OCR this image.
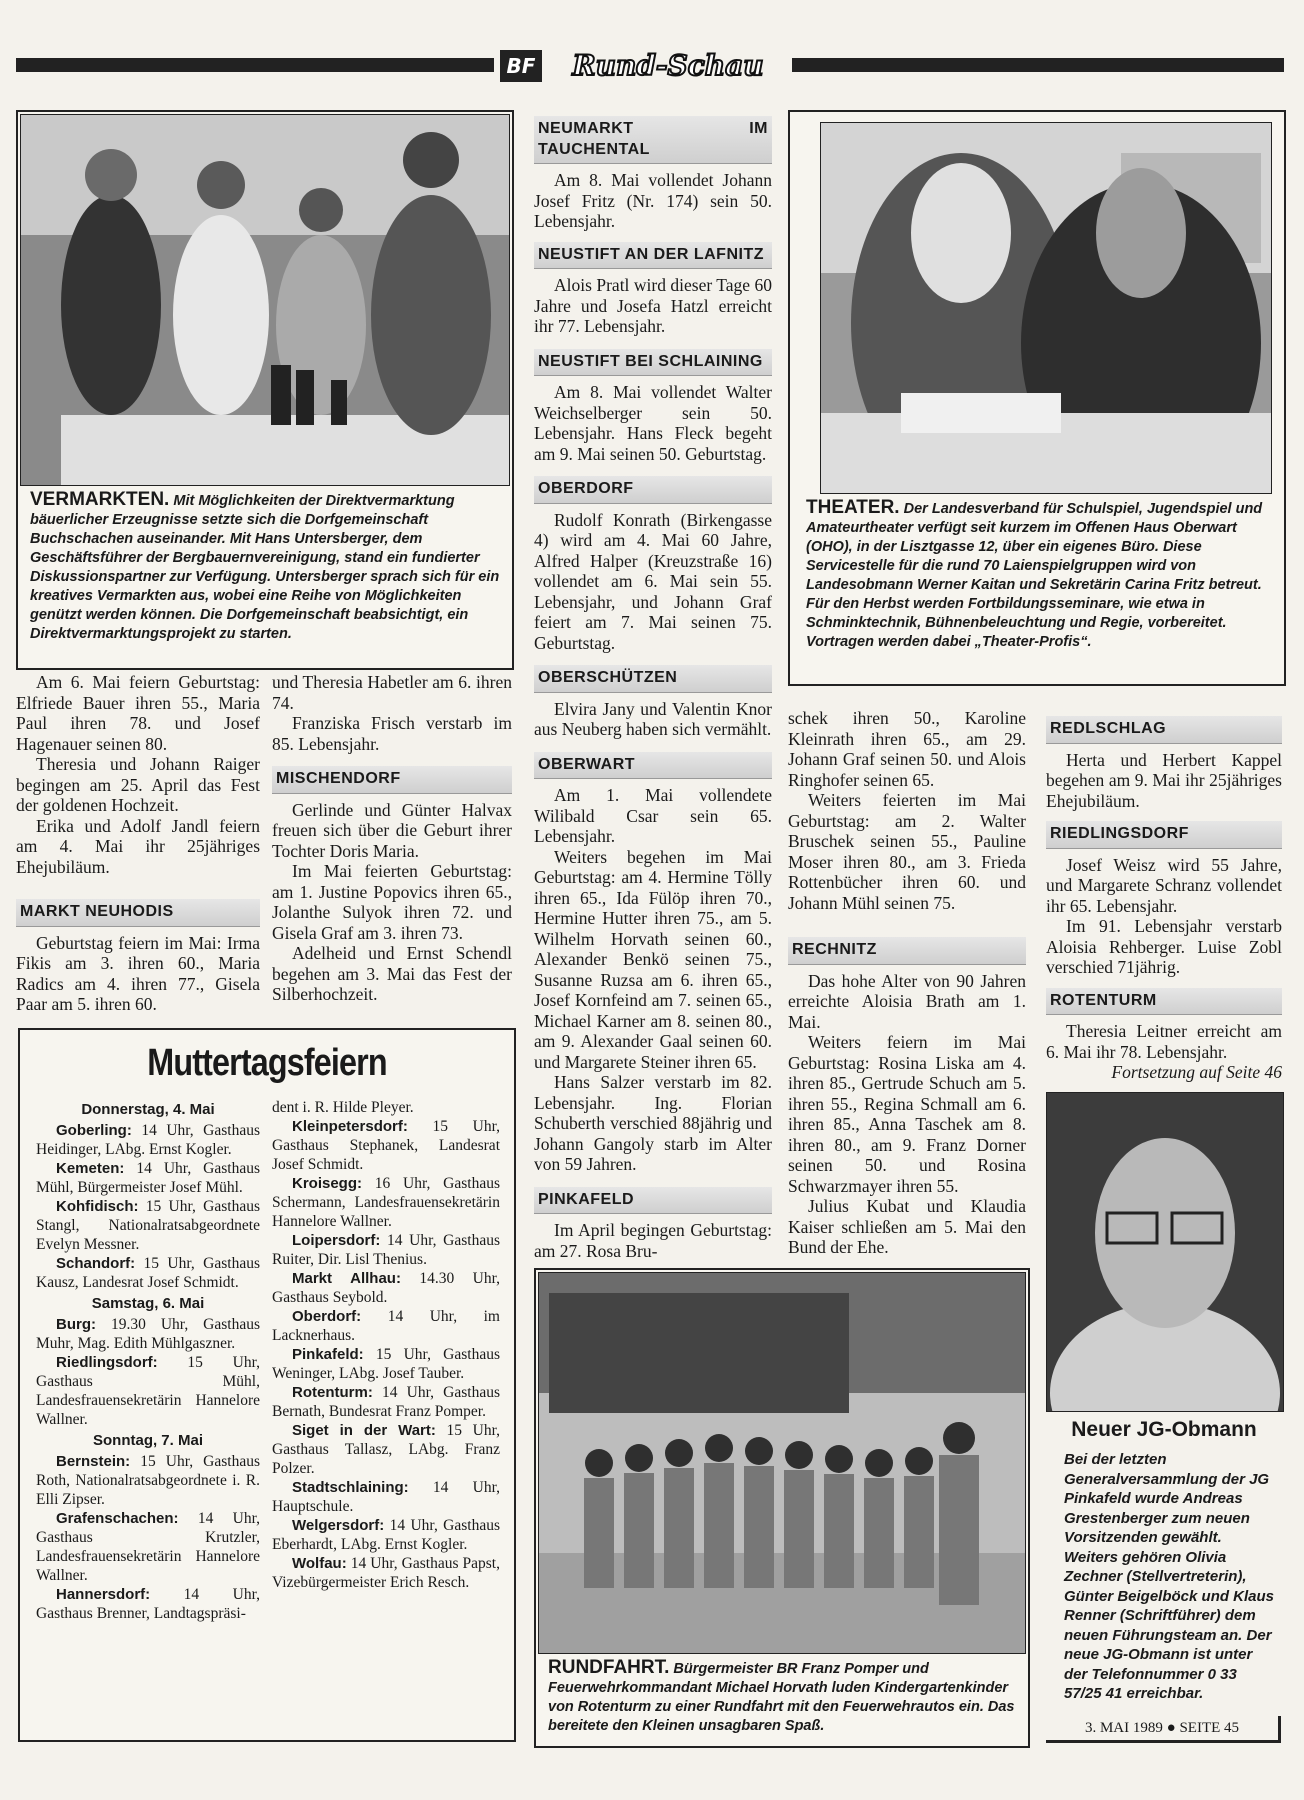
BF	Rund-Schau
VERMARKTEN. Mit Möglichkeiten der Direktvermarktung bäuerlicher Erzeugnisse setzte sich die Dorfgemeinschaft Buchschachen auseinander. Mit Hans Untersberger, dem Geschäftsführer der Bergbauernvereinigung, stand ein fundierter Diskussionspartner zur Verfügung. Untersberger sprach sich für ein kreatives Vermarkten aus, wobei eine Reihe von Möglichkeiten genützt werden können. Die Dorfgemeinschaft beabsichtigt, ein Direktvermarktungsprojekt zu starten.

Am 6. Mai feiern Geburtstag: Elfriede Bauer ihren 55., Maria Paul ihren 78. und Josef Hagenauer seinen 80.

Theresia und Johann Raiger begingen am 25. April das Fest der goldenen Hochzeit.

Erika und Adolf Jandl feiern am 4. Mai ihr 25jähriges Ehejubiläum.

MARKT NEUHODIS

Geburtstag feiern im Mai: Irma Fikis am 3. ihren 60., Maria Radics am 4. ihren 77., Gisela Paar am 5. ihren 60.

und Theresia Habetler am 6. ihren 74.

Franziska Frisch verstarb im 85. Lebensjahr.

MISCHENDORF

Gerlinde und Günter Halvax freuen sich über die Geburt ihrer Tochter Doris Maria.

Im Mai feierten Geburtstag: am 1. Justine Popovics ihren 65., Jolanthe Sulyok ihren 72. und Gisela Graf am 3. ihren 73.

Adelheid und Ernst Schendl begehen am 3. Mai das Fest der Silberhochzeit.

Muttertagsfeiern
Donnerstag, 4. Mai

Goberling: 14 Uhr, Gasthaus Heidinger, LAbg. Ernst Kogler.

Kemeten: 14 Uhr, Gasthaus Mühl, Bürgermeister Josef Mühl.

Kohfidisch: 15 Uhr, Gasthaus Stangl, Nationalratsabgeordnete Evelyn Messner.

Schandorf: 15 Uhr, Gasthaus Kausz, Landesrat Josef Schmidt.

Samstag, 6. Mai

Burg: 19.30 Uhr, Gasthaus Muhr, Mag. Edith Mühlgaszner.

Riedlingsdorf: 15 Uhr, Gasthaus Mühl, Landesfrauensekretärin Hannelore Wallner.

Sonntag, 7. Mai

Bernstein: 15 Uhr, Gasthaus Roth, Nationalratsabgeordnete i. R. Elli Zipser.

Grafenschachen: 14 Uhr, Gasthaus Krutzler, Landesfrauensekretärin Hannelore Wallner.

Hannersdorf: 14 Uhr, Gasthaus Brenner, Landtagspräsi-

dent i. R. Hilde Pleyer.

Kleinpetersdorf: 15 Uhr, Gasthaus Stephanek, Landesrat Josef Schmidt.

Kroisegg: 16 Uhr, Gasthaus Schermann, Landesfrauensekretärin Hannelore Wallner.

Loipersdorf: 14 Uhr, Gasthaus Ruiter, Dir. Lisl Thenius.

Markt Allhau: 14.30 Uhr, Gasthaus Seybold.

Oberdorf: 14 Uhr, im Lacknerhaus.

Pinkafeld: 15 Uhr, Gasthaus Weninger, LAbg. Josef Tauber.

Rotenturm: 14 Uhr, Gasthaus Bernath, Bundesrat Franz Pomper.

Siget in der Wart: 15 Uhr, Gasthaus Tallasz, LAbg. Franz Polzer.

Stadtschlaining: 14 Uhr, Hauptschule.

Welgersdorf: 14 Uhr, Gasthaus Eberhardt, LAbg. Ernst Kogler.

Wolfau: 14 Uhr, Gasthaus Papst, Vizebürgermeister Erich Resch.

NEUMARKT IM TAUCHENTAL

Am 8. Mai vollendet Johann Josef Fritz (Nr. 174) sein 50. Lebensjahr.

NEUSTIFT AN DER LAFNITZ

Alois Pratl wird dieser Tage 60 Jahre und Josefa Hatzl erreicht ihr 77. Lebensjahr.

NEUSTIFT BEI SCHLAINING

Am 8. Mai vollendet Walter Weichselberger sein 50. Lebensjahr. Hans Fleck begeht am 9. Mai seinen 50. Geburtstag.

OBERDORF

Rudolf Konrath (Birkengasse 4) wird am 4. Mai 60 Jahre, Alfred Halper (Kreuzstraße 16) vollendet am 6. Mai sein 55. Lebensjahr, und Johann Graf feiert am 7. Mai seinen 75. Geburtstag.

OBERSCHÜTZEN

Elvira Jany und Valentin Knor aus Neuberg haben sich vermählt.

OBERWART

Am 1. Mai vollendete Wilibald Csar sein 65. Lebensjahr.

Weiters begehen im Mai Geburtstag: am 4. Hermine Tölly ihren 65., Ida Fülöp ihren 70., Hermine Hutter ihren 75., am 5. Wilhelm Horvath seinen 60., Alexander Benkö seinen 75., Susanne Ruzsa am 6. ihren 65., Josef Kornfeind am 7. seinen 65., Michael Karner am 8. seinen 80., am 9. Alexander Gaal seinen 60. und Margarete Steiner ihren 65.

Hans Salzer verstarb im 82. Lebensjahr. Ing. Florian Schuberth verschied 88jährig und Johann Gangoly starb im Alter von 59 Jahren.

PINKAFELD

Im April begingen Geburtstag: am 27. Rosa Bru-

THEATER. Der Landesverband für Schulspiel, Jugendspiel und Amateurtheater verfügt seit kurzem im Offenen Haus Oberwart (OHO), in der Lisztgasse 12, über ein eigenes Büro. Diese Servicestelle für die rund 70 Laienspielgruppen wird von Landesobmann Werner Kaitan und Sekretärin Carina Fritz betreut. Für den Herbst werden Fortbildungsseminare, wie etwa in Schminktechnik, Bühnenbeleuchtung und Regie, vorbereitet. Vortragen werden dabei „Theater-Profis“.

schek ihren 50., Karoline Kleinrath ihren 65., am 29. Johann Graf seinen 50. und Alois Ringhofer seinen 65.

Weiters feierten im Mai Geburtstag: am 2. Walter Bruschek seinen 55., Pauline Moser ihren 80., am 3. Frieda Rottenbücher ihren 60. und Johann Mühl seinen 75.

RECHNITZ

Das hohe Alter von 90 Jahren erreichte Aloisia Brath am 1. Mai.

Weiters feiern im Mai Geburtstag: Rosina Liska am 4. ihren 85., Gertrude Schuch am 5. ihren 55., Regina Schmall am 6. ihren 85., Anna Taschek am 8. ihren 80., am 9. Franz Dorner seinen 50. und Rosina Schwarzmayer ihren 55.

Julius Kubat und Klaudia Kaiser schließen am 5. Mai den Bund der Ehe.

REDLSCHLAG

Herta und Herbert Kappel begehen am 9. Mai ihr 25jähriges Ehejubiläum.

RIEDLINGSDORF

Josef Weisz wird 55 Jahre, und Margarete Schranz vollendet ihr 65. Lebensjahr.

Im 91. Lebensjahr verstarb Aloisia Rehberger. Luise Zobl verschied 71jährig.

ROTENTURM

Theresia Leitner erreicht am 6. Mai ihr 78. Lebensjahr.

Fortsetzung auf Seite 46

RUNDFAHRT. Bürgermeister BR Franz Pomper und Feuerwehrkommandant Michael Horvath luden Kindergartenkinder von Rotenturm zu einer Rundfahrt mit den Feuerwehrautos ein. Das bereitete den Kleinen unsagbaren Spaß.
Neuer JG-Obmann
Bei der letzten Generalversammlung der JG Pinkafeld wurde Andreas Grestenberger zum neuen Vorsitzenden gewählt. Weiters gehören Olivia Zechner (Stellvertreterin), Günter Beigelböck und Klaus Renner (Schriftführer) dem neuen Führungsteam an. Der neue JG-Obmann ist unter der Telefonnummer 0 33 57/25 41 erreichbar.
3. MAI 1989 ● SEITE 45
